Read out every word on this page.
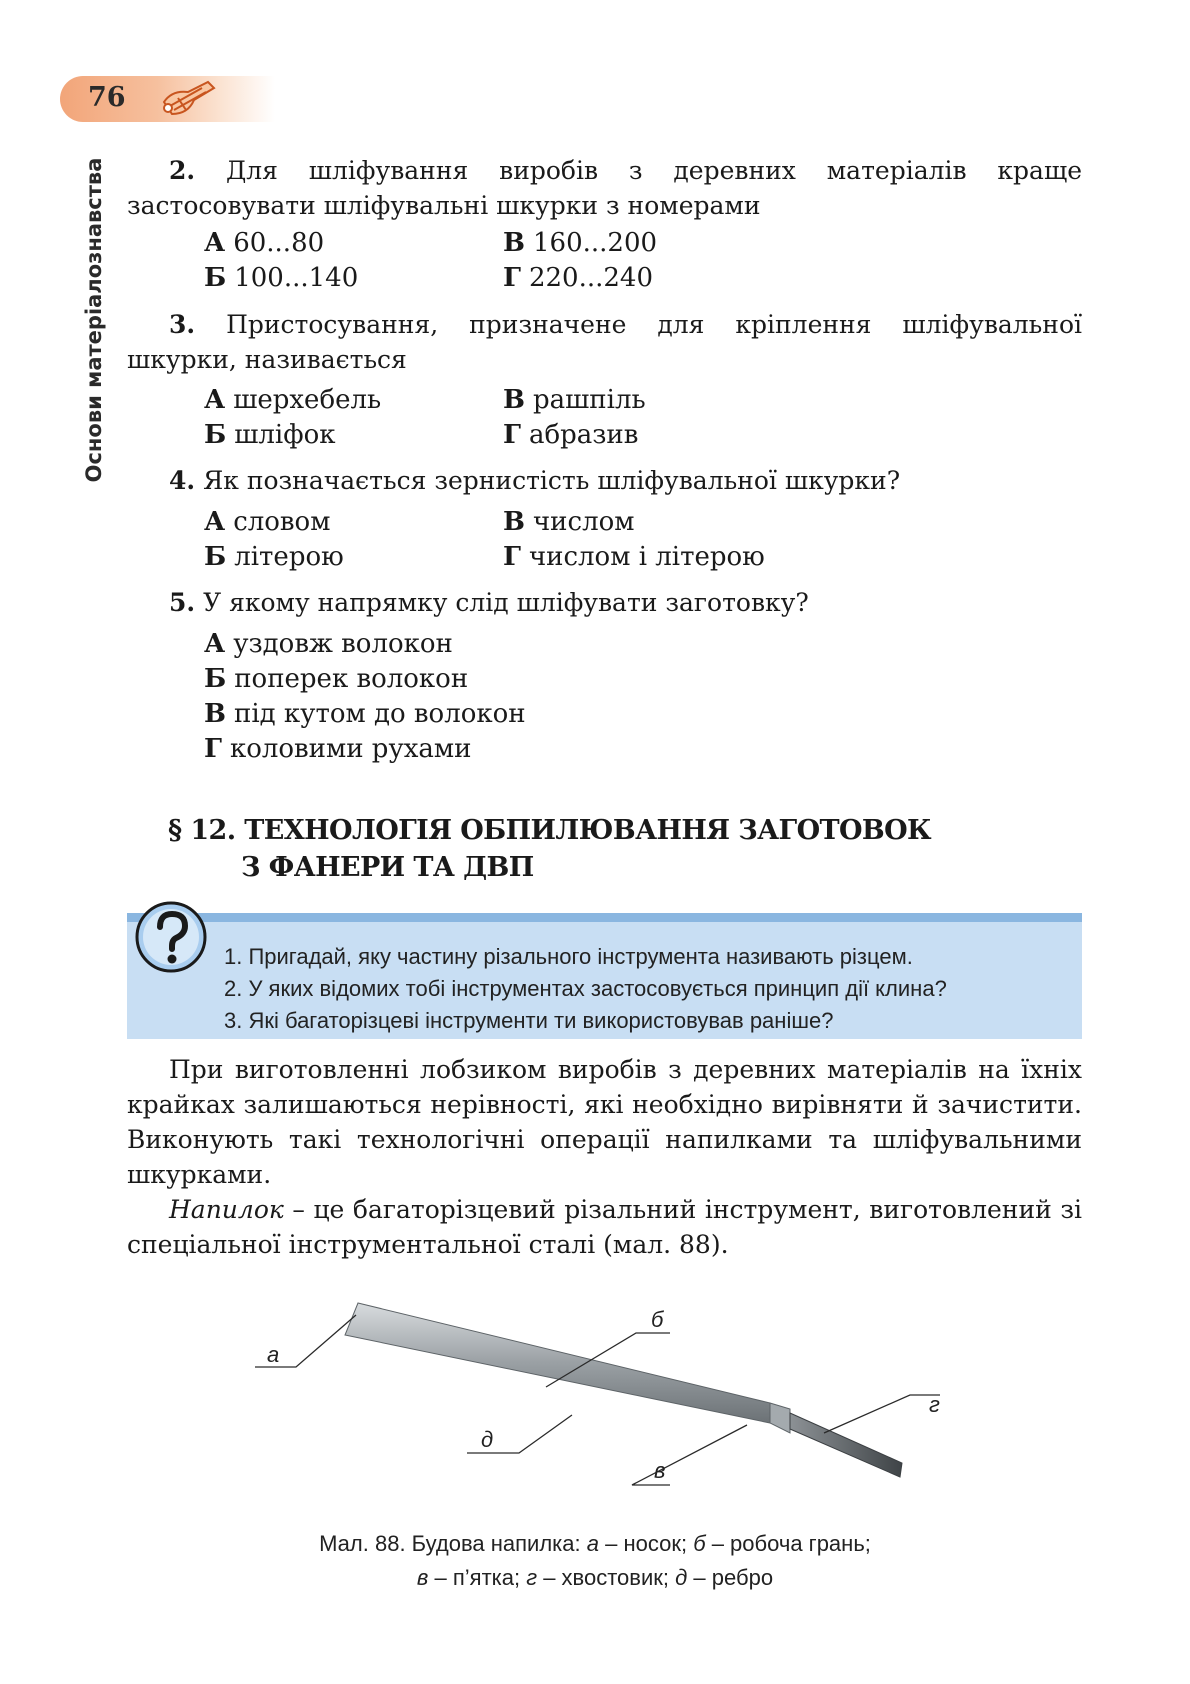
76
Основи матеріалознавства	2. Для шліфування виробів з деревних матеріалів краще застосовувати шліфувальні шкурки з номерами
А 60...80
Б 100...140
В 160...200
Г 220...240
3. Пристосування, призначене для кріплення шліфувальної шкурки, називається
А шерхебель
Б шліфок
В рашпіль
Г абразив
4. Як позначається зернистість шліфувальної шкурки?
А словом
Б літерою
В числом
Г числом і літерою
5. У якому напрямку слід шліфувати заготовку?
А уздовж волокон
Б поперек волокон
В під кутом до волокон
Г коловими рухами
§ 12. ТЕХНОЛОГІЯ ОБПИЛЮВАННЯ ЗАГОТОВОК
З ФАНЕРИ ТА ДВП
1. Пригадай, яку частину різального інструмента називають різцем.
2. У яких відомих тобі інструментах застосовується принцип дії клина?
3. Які багаторізцеві інструменти ти використовував раніше?
При виготовленні лобзиком виробів з деревних матеріалів на їхніх крайках залишаються нерівності, які необхідно вирівняти й зачистити. Виконують такі технологічні операції напилками та шліфувальними шкурками.
Напилок – це багаторізцевий різальний інструмент, виготовлений зі спеціальної інструментальної сталі (мал. 88).
а
б
д
в
г
Мал. 88. Будова напилка: а – носок; б – робоча грань;
в – п’ятка; г – хвостовик; д – ребро
